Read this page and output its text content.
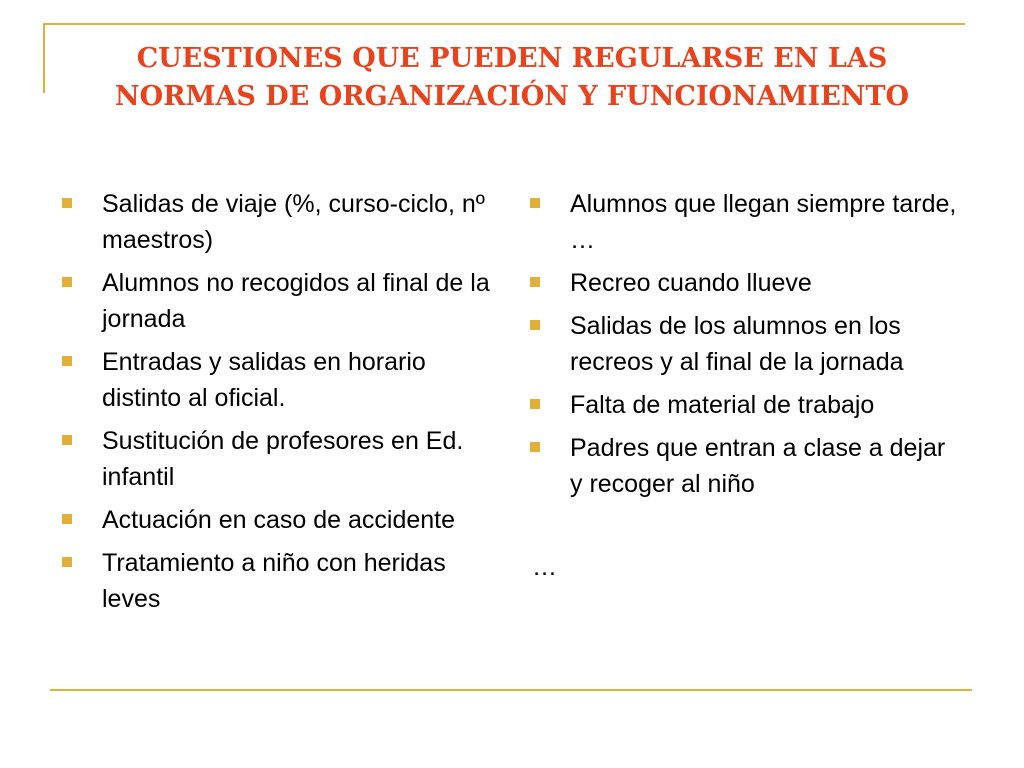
CUESTIONES QUE PUEDEN REGULARSE EN LAS
NORMAS DE ORGANIZACIÓN Y FUNCIONAMIENTO
Salidas de viaje (%, curso-ciclo, nº maestros)
Alumnos no recogidos al final de la jornada
Entradas y salidas en horario distinto al oficial.
Sustitución de profesores en Ed. infantil
Actuación en caso de accidente
Tratamiento a niño con heridas leves
Alumnos que llegan siempre tarde, …
Recreo cuando llueve
Salidas de los alumnos en los recreos y al final de la jornada
Falta de material de trabajo
Padres que entran a clase a dejar y recoger al niño
…
